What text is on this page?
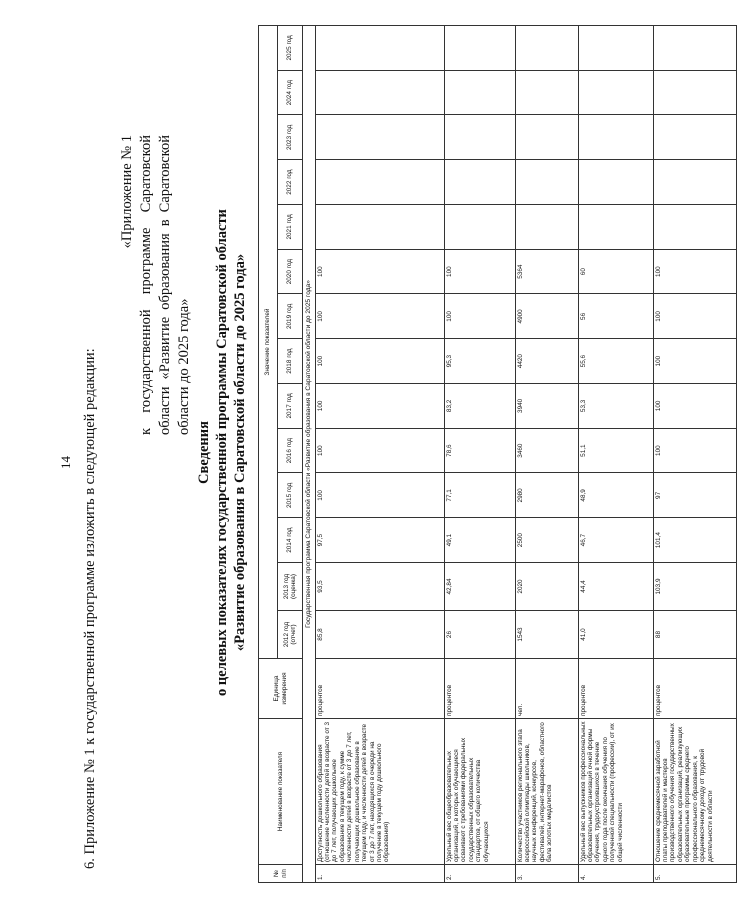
14 6. Приложение № 1 к государственной программе изложить в следующей редакции:
«Приложение № 1 к государственной программе Саратовской области «Развитие образования в Саратовской области до 2025 года»
Сведения о целевых показателях государственной программы Саратовской области «Развитие образования в Саратовской области до 2025 года»
№ п/п	Наименование показателя	Единица измерения	Значение показателей													
			2012 год (отчет)	2013 год (оценка)	2014 год	2015 год	2016 год	2017 год	2018 год	2019 год	2020 год	2021 год	2022 год	2023 год	2024 год	2025 год
Государственная программа Саратовской области «Развитие образования в Саратовской области до 2025 года»																
1.	Доступность дошкольного образования (отношение численности детей в возрасте от 3 до 7 лет, получающих дошкольное образование в текущем году, к сумме численности детей в возрасте от 3 до 7 лет, получающих дошкольное образование в текущем году, и численности детей в возрасте от 3 до 7 лет, находящихся в очереди на получение в текущем году дошкольного образования)	процентов	85,8	93,5	97,5	100	100	100	100	100	100					
2.	Удельный вес общеобразовательных организаций, в которых обучающиеся осваивают с требованиями федеральных государственных образовательных стандартов, от общего количества обучающихся	процентов	26	42,84	49,1	77,1	78,6	83,2	95,3	100	100					
3.	Количество участников регионального этапа всероссийской олимпиады школьников, научных конференций, конкурсов, фестивалей, интернет-марафонов, областного бала золотых медалистов	чел.	1543	2020	2500	2980	3460	3940	4420	4900	5364					
4.	Удельный вес выпускников профессиональных образовательных организаций очной формы обучения, трудоустроившихся в течение одного года после окончания обучения по полученной специальности (профессии), от их общей численности	процентов	41,0	44,4	46,7	48,9	51,1	53,3	55,6	56	60					
5.	Отношение среднемесячной заработной платы преподавателей и мастеров производственного обучения государственных образовательных организаций, реализующих образовательные программы среднего профессионального образования, к среднемесячному доходу от трудовой деятельности в области	процентов	88	103,9	101,4	97	100	100	100	100	100					
